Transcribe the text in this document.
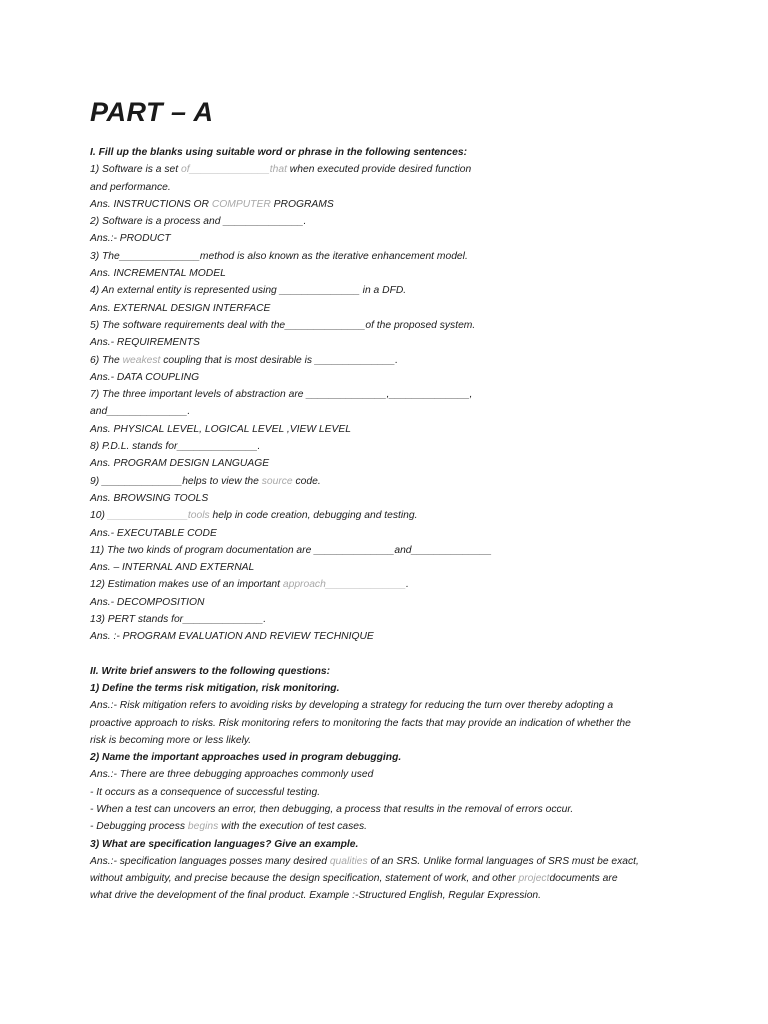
PART – A
I. Fill up the blanks using suitable word or phrase in the following sentences:
1) Software is a set of______________that when executed provide desired function
and performance.
Ans. INSTRUCTIONS OR COMPUTER PROGRAMS
2) Software is a process and ______________.
Ans.:- PRODUCT
3) The______________method is also known as the iterative enhancement model.
Ans. INCREMENTAL MODEL
4) An external entity is represented using ______________ in a DFD.
Ans. EXTERNAL DESIGN INTERFACE
5) The software requirements deal with the______________of the proposed system.
Ans.- REQUIREMENTS
6) The weakest coupling that is most desirable is ______________.
Ans.- DATA COUPLING
7) The three important levels of abstraction are ______________,______________,
and______________.
Ans. PHYSICAL LEVEL, LOGICAL LEVEL ,VIEW LEVEL
8) P.D.L. stands for______________.
Ans. PROGRAM DESIGN LANGUAGE
9) ______________helps to view the source code.
Ans. BROWSING TOOLS
10) ______________tools help in code creation, debugging and testing.
Ans.- EXECUTABLE CODE
11) The two kinds of program documentation are ______________and______________
Ans. – INTERNAL AND EXTERNAL
12) Estimation makes use of an important approach______________.
Ans.- DECOMPOSITION
13) PERT stands for______________.
Ans. :- PROGRAM EVALUATION AND REVIEW TECHNIQUE
II. Write brief answers to the following questions:
1) Define the terms risk mitigation, risk monitoring.
Ans.:- Risk mitigation refers to avoiding risks by developing a strategy for reducing the turn over thereby adopting a
proactive approach to risks. Risk monitoring refers to monitoring the facts that may provide an indication of whether the
risk is becoming more or less likely.
2) Name the important approaches used in program debugging.
Ans.:- There are three debugging approaches commonly used
- It occurs as a consequence of successful testing.
- When a test can uncovers an error, then debugging, a process that results in the removal of errors occur.
- Debugging process begins with the execution of test cases.
3) What are specification languages? Give an example.
Ans.:- specification languages posses many desired qualities of an SRS. Unlike formal languages of SRS must be exact,
without ambiguity, and precise because the design specification, statement of work, and other projectdocuments are
what drive the development of the final product. Example :-Structured English, Regular Expression.
